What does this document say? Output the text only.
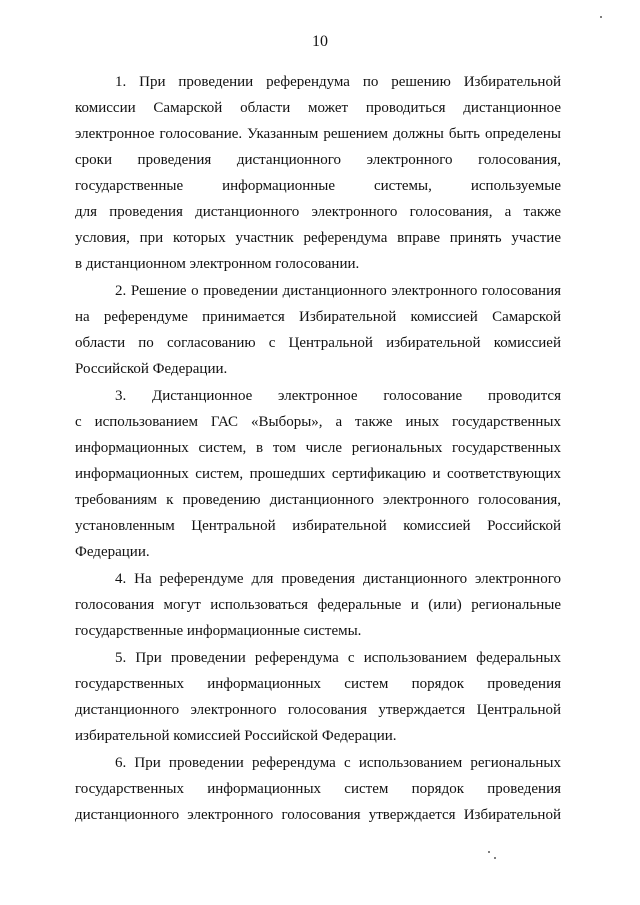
10

1. При проведении референдума по решению Избирательной
комиссии Самарской области может проводиться дистанционное
электронное голосование. Указанным решением должны быть определены
сроки проведения дистанционного электронного голосования,
государственные информационные системы, используемые
для проведения дистанционного электронного голосования, а также
условия, при которых участник референдума вправе принять участие
в дистанционном электронном голосовании.

2. Решение о проведении дистанционного электронного голосования
на референдуме принимается Избирательной комиссией Самарской
области по согласованию с Центральной избирательной комиссией
Российской Федерации.

3. Дистанционное электронное голосование проводится
с использованием ГАС «Выборы», а также иных государственных
информационных систем, в том числе региональных государственных
информационных систем, прошедших сертификацию и соответствующих
требованиям к проведению дистанционного электронного голосования,
установленным Центральной избирательной комиссией Российской
Федерации.

4. На референдуме для проведения дистанционного электронного
голосования могут использоваться федеральные и (или) региональные
государственные информационные системы.

5. При проведении референдума с использованием федеральных
государственных информационных систем порядок проведения
дистанционного электронного голосования утверждается Центральной
избирательной комиссией Российской Федерации.

6. При проведении референдума с использованием региональных
государственных информационных систем порядок проведения
дистанционного электронного голосования утверждается Избирательной
